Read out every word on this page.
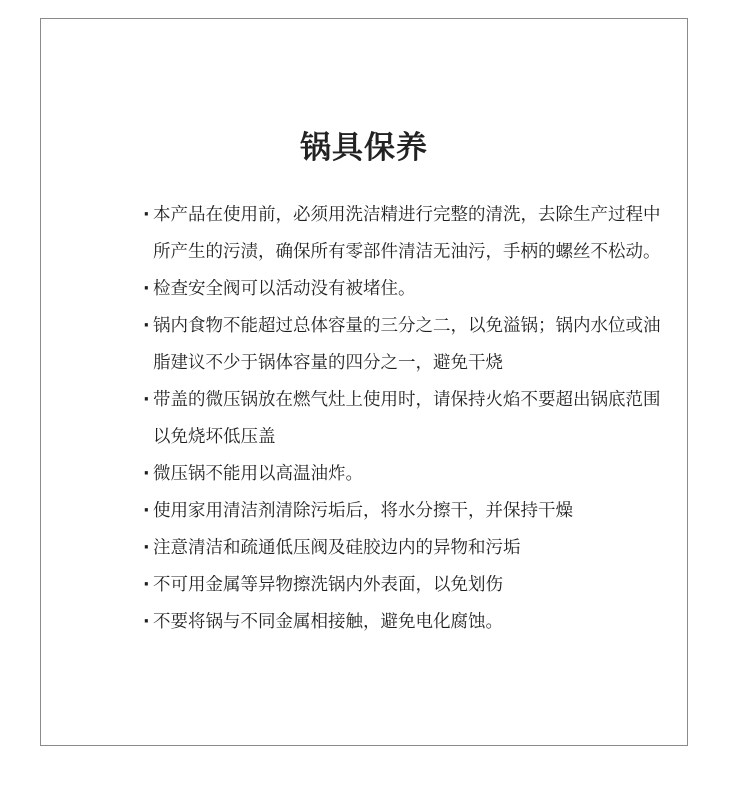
锅具保养
· 本产品在使用前，必须用洗洁精进行完整的清洗，去除生产过程中所产生的污渍，确保所有零部件清洁无油污，手柄的螺丝不松动。
· 检查安全阀可以活动没有被堵住。
· 锅内食物不能超过总体容量的三分之二，以免溢锅；锅内水位或油脂建议不少于锅体容量的四分之一，避免干烧
· 带盖的微压锅放在燃气灶上使用时，请保持火焰不要超出锅底范围以免烧坏低压盖
· 微压锅不能用以高温油炸。
· 使用家用清洁剂清除污垢后，将水分擦干，并保持干燥
· 注意清洁和疏通低压阀及硅胶边内的异物和污垢
· 不可用金属等异物擦洗锅内外表面，以免划伤
· 不要将锅与不同金属相接触，避免电化腐蚀。
